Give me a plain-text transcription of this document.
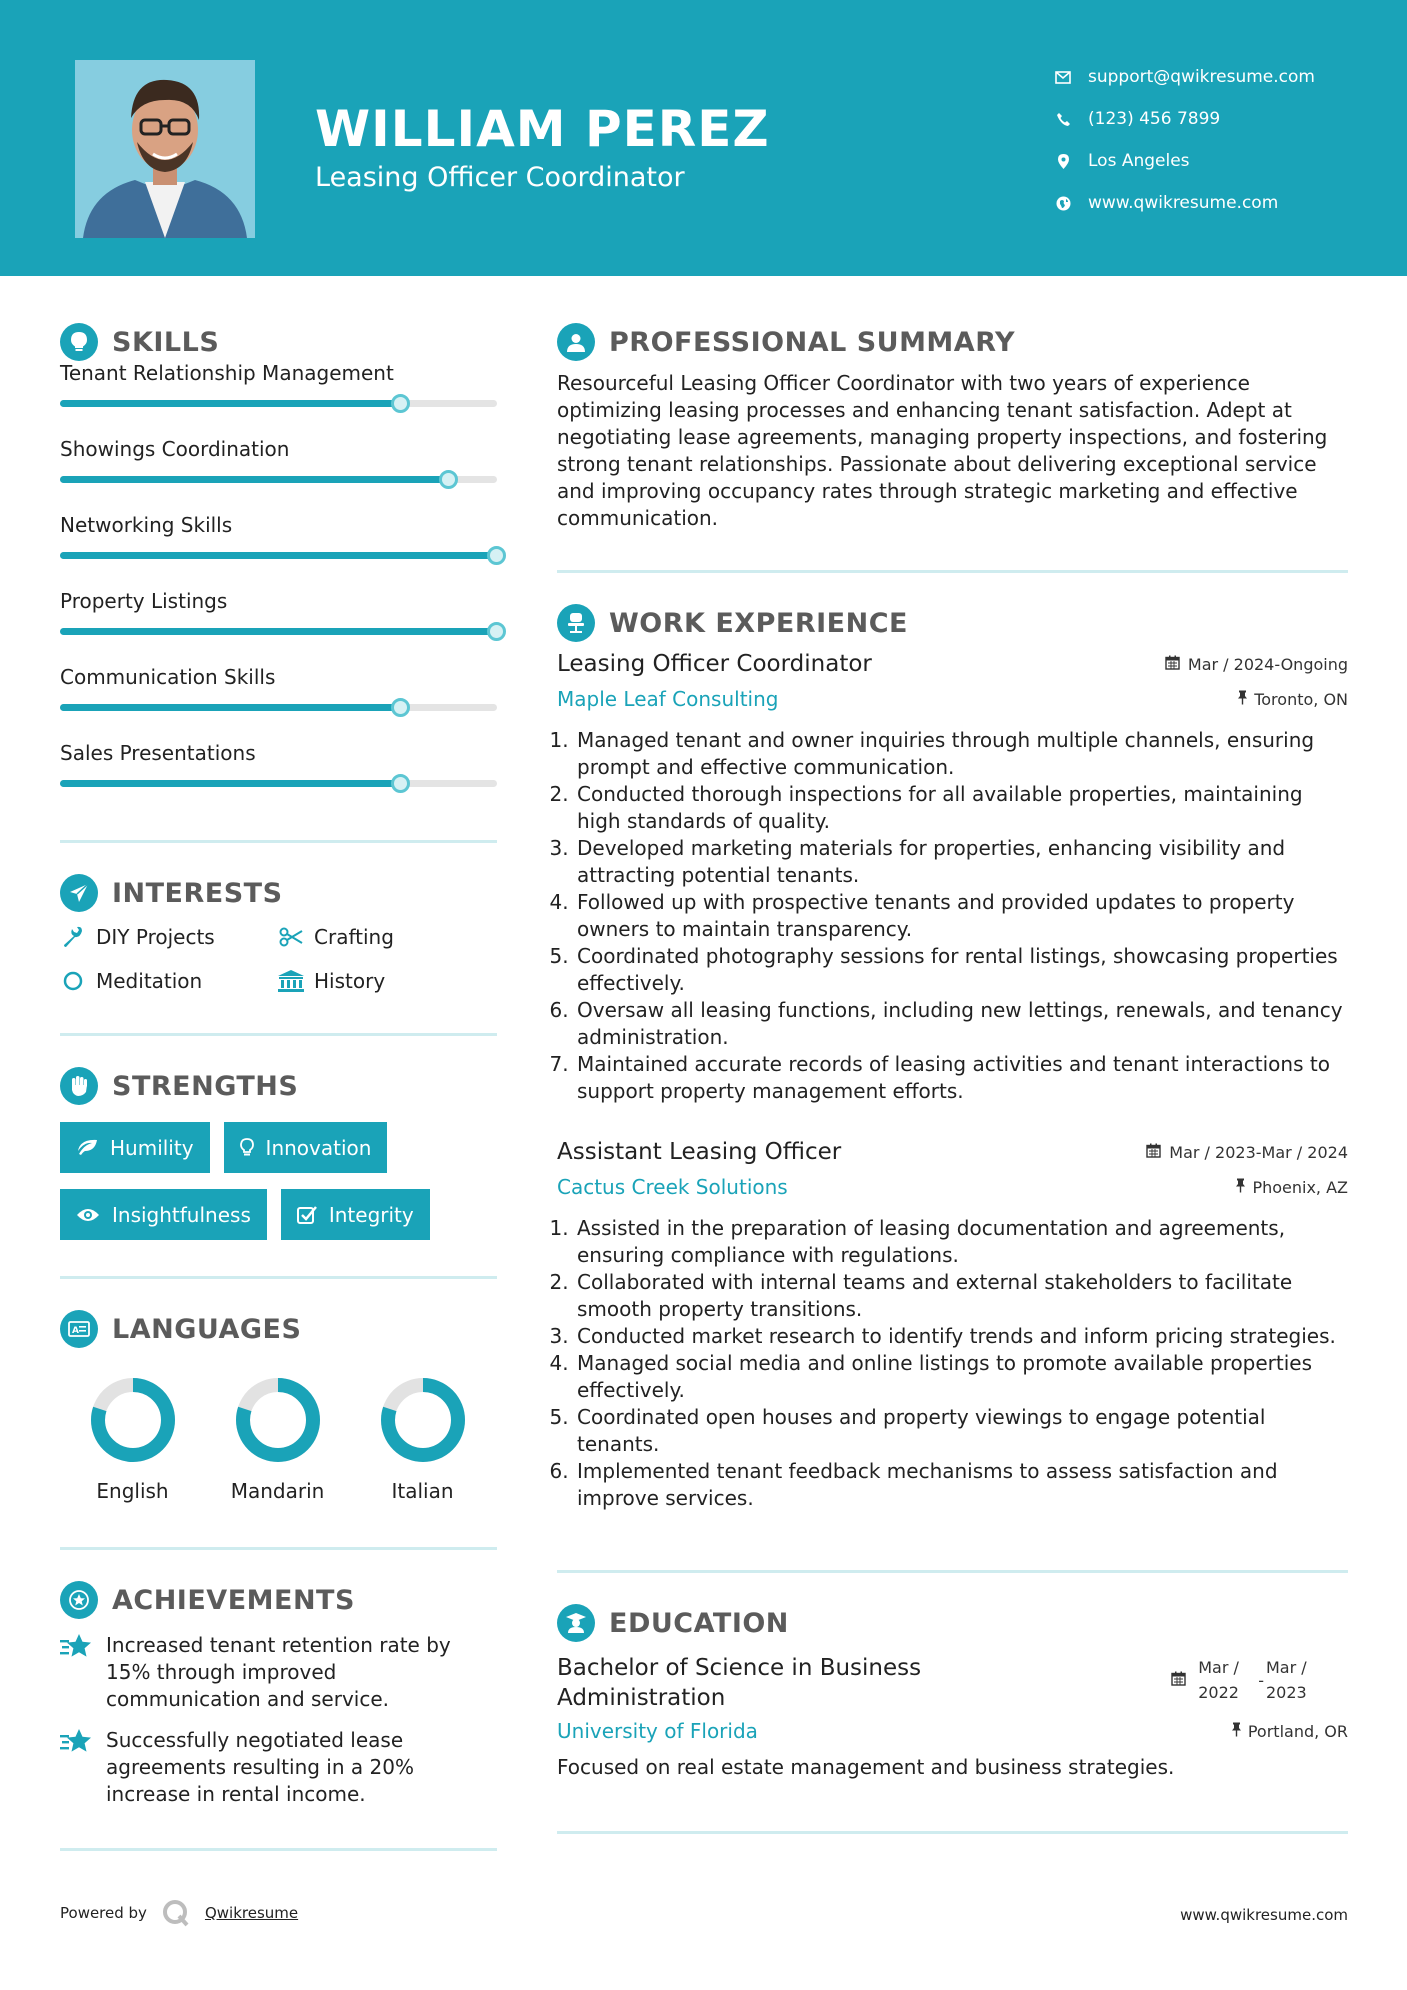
WILLIAM PEREZ
Leasing Officer Coordinator
support@qwikresume.com
(123) 456 7899
Los Angeles
www.qwikresume.com
SKILLS
Tenant Relationship Management
Showings Coordination
Networking Skills
Property Listings
Communication Skills
Sales Presentations
INTERESTS
DIY Projects	Crafting
Meditation	History
STRENGTHS
Humility	Innovation
Insightfulness	Integrity
A LANGUAGES
English	Mandarin	Italian
ACHIEVEMENTS
Increased tenant retention rate by 15% through improved communication and service.
Successfully negotiated lease agreements resulting in a 20% increase in rental income.
PROFESSIONAL SUMMARY

Resourceful Leasing Officer Coordinator with two years of experience optimizing leasing processes and enhancing tenant satisfaction. Adept at negotiating lease agreements, managing property inspections, and fostering strong tenant relationships. Passionate about delivering exceptional service and improving occupancy rates through strategic marketing and effective communication.

WORK EXPERIENCE
Leasing Officer Coordinator	Mar / 2024-Ongoing
Maple Leaf Consulting	Toronto, ON
1. Managed tenant and owner inquiries through multiple channels, ensuring prompt and effective communication.
2. Conducted thorough inspections for all available properties, maintaining high standards of quality.
3. Developed marketing materials for properties, enhancing visibility and attracting potential tenants.
4. Followed up with prospective tenants and provided updates to property owners to maintain transparency.
5. Coordinated photography sessions for rental listings, showcasing properties effectively.
6. Oversaw all leasing functions, including new lettings, renewals, and tenancy administration.
7. Maintained accurate records of leasing activities and tenant interactions to support property management efforts.
Assistant Leasing Officer	Mar / 2023-Mar / 2024
Cactus Creek Solutions	Phoenix, AZ
1. Assisted in the preparation of leasing documentation and agreements, ensuring compliance with regulations.
2. Collaborated with internal teams and external stakeholders to facilitate smooth property transitions.
3. Conducted market research to identify trends and inform pricing strategies.
4. Managed social media and online listings to promote available properties effectively.
5. Coordinated open houses and property viewings to engage potential tenants.
6. Implemented tenant feedback mechanisms to assess satisfaction and improve services.
EDUCATION
Bachelor of Science in Business Administration
Mar / 2022
-
Mar / 2023
University of Florida	Portland, OR

Focused on real estate management and business strategies.

Powered by	Qwikresume	www.qwikresume.com
